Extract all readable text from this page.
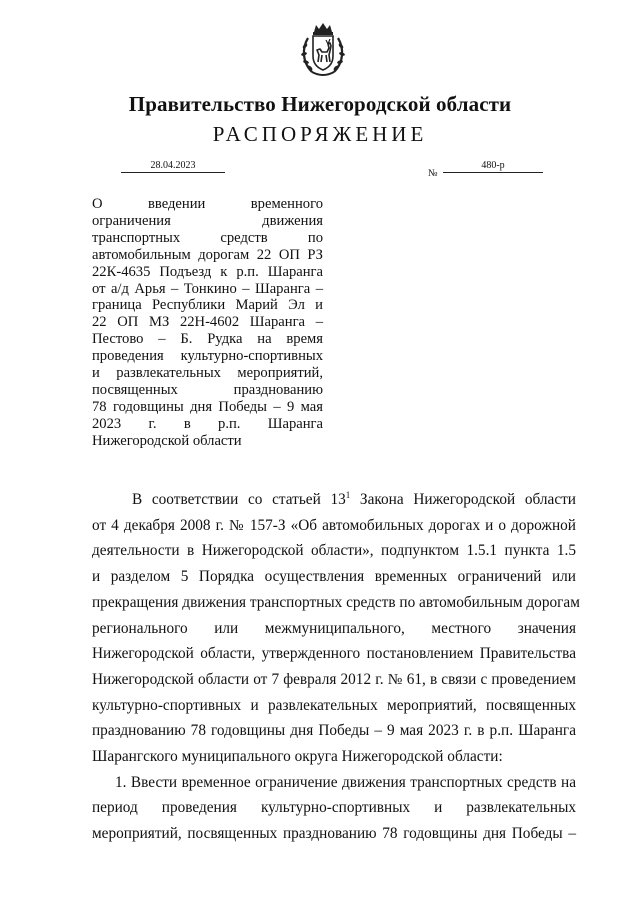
Правительство Нижегородской области
РАСПОРЯЖЕНИЕ
28.04.2023
№
480-р
О введении временного
ограничения движения
транспортных средств по
автомобильным дорогам 22 ОП РЗ
22К-4635 Подъезд к р.п. Шаранга
от а/д Арья – Тонкино – Шаранга –
граница Республики Марий Эл и
22 ОП МЗ 22Н-4602 Шаранга –
Пестово – Б. Рудка на время
проведения культурно-спортивных
и развлекательных мероприятий,
посвященных празднованию
78 годовщины дня Победы – 9 мая
2023 г. в р.п. Шаранга
Нижегородской области
В соответствии со статьей $13^1$ Закона Нижегородской области
от 4 декабря 2008 г. № 157-З «Об автомобильных дорогах и о дорожной
деятельности в Нижегородской области», подпунктом 1.5.1 пункта 1.5
и разделом 5 Порядка осуществления временных ограничений или
прекращения движения транспортных средств по автомобильным дорогам
регионального или межмуниципального, местного значения
Нижегородской области, утвержденного постановлением Правительства
Нижегородской области от 7 февраля 2012 г. № 61, в связи с проведением
культурно-спортивных и развлекательных мероприятий, посвященных
празднованию 78 годовщины дня Победы – 9 мая 2023 г. в р.п. Шаранга
Шарангского муниципального округа Нижегородской области:
1. Ввести временное ограничение движения транспортных средств на
период проведения культурно-спортивных и развлекательных
мероприятий, посвященных празднованию 78 годовщины дня Победы –
